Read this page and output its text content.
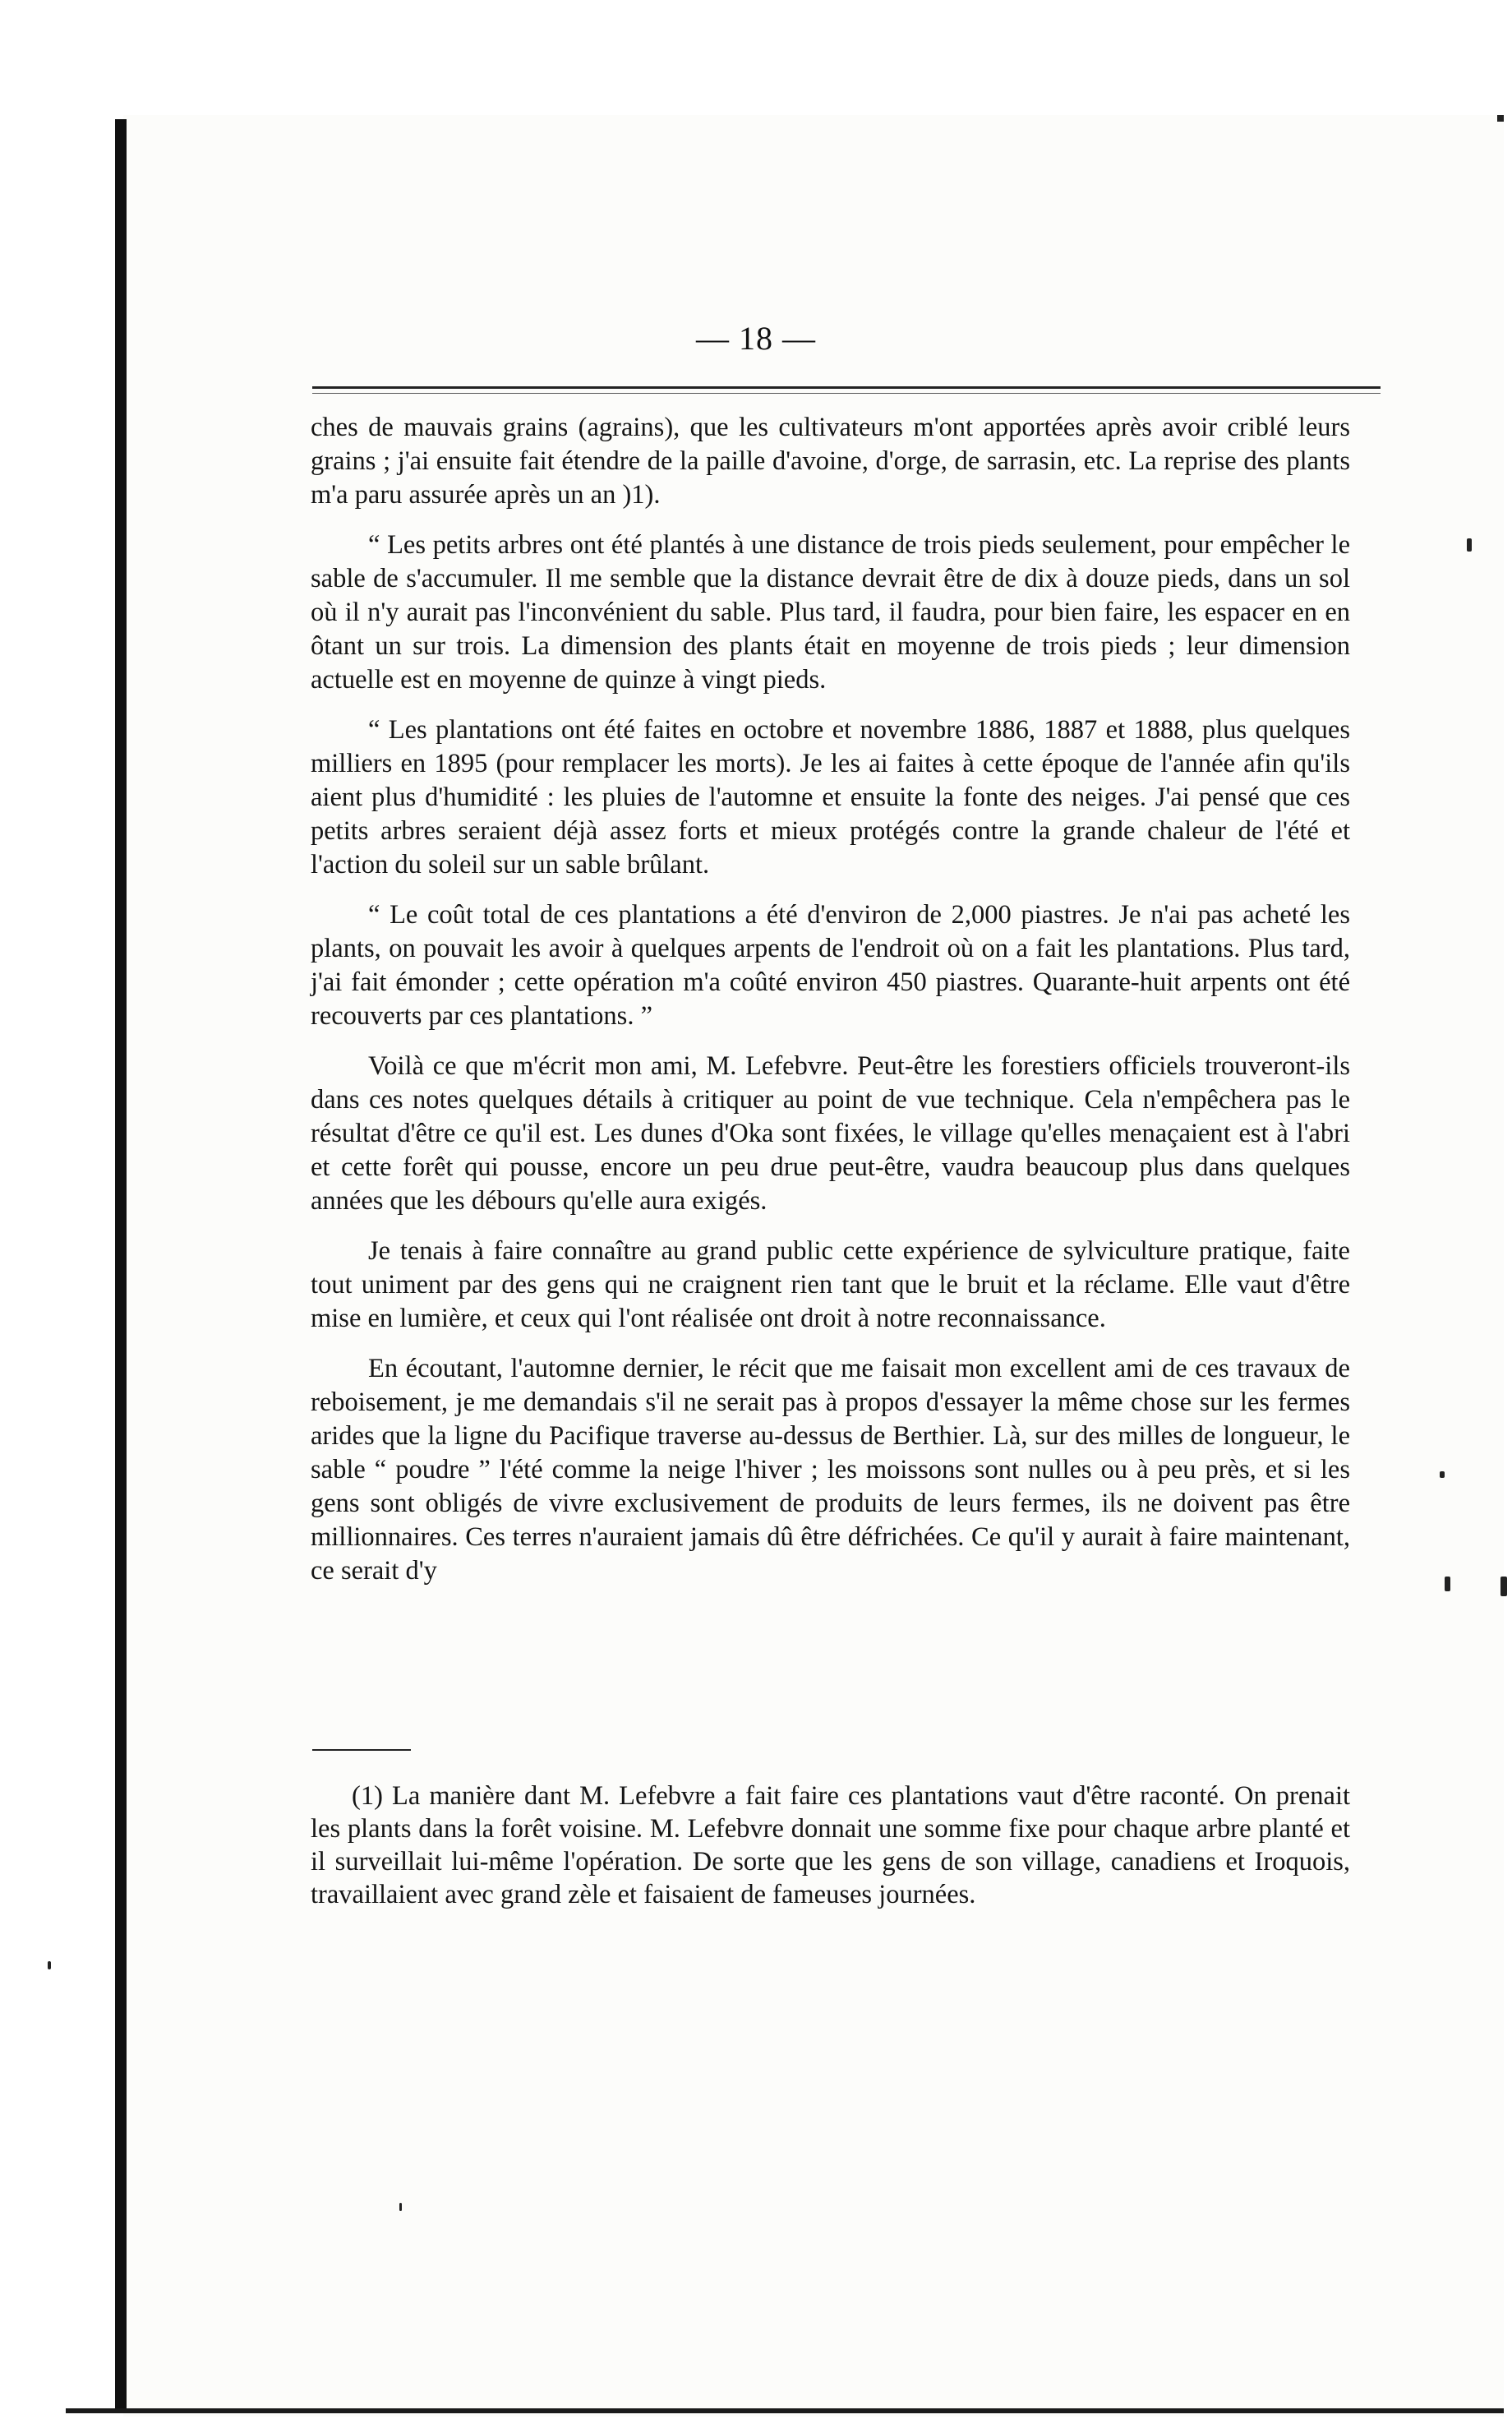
— 18 —

ches de mauvais grains (agrains), que les cultivateurs m'ont apportées après avoir criblé leurs grains ; j'ai ensuite fait étendre de la paille d'avoine, d'orge, de sarrasin, etc. La reprise des plants m'a paru assurée après un an )1).

“ Les petits arbres ont été plantés à une distance de trois pieds seulement, pour empêcher le sable de s'accumuler. Il me semble que la distance devrait être de dix à douze pieds, dans un sol où il n'y aurait pas l'inconvénient du sable. Plus tard, il faudra, pour bien faire, les espacer en en ôtant un sur trois. La dimension des plants était en moyenne de trois pieds ; leur dimension actuelle est en moyenne de quinze à vingt pieds.

“ Les plantations ont été faites en octobre et novembre 1886, 1887 et 1888, plus quelques milliers en 1895 (pour remplacer les morts). Je les ai faites à cette époque de l'année afin qu'ils aient plus d'humidité : les pluies de l'automne et ensuite la fonte des neiges. J'ai pensé que ces petits arbres seraient déjà assez forts et mieux protégés contre la grande chaleur de l'été et l'action du soleil sur un sable brûlant.

“ Le coût total de ces plantations a été d'environ de 2,000 piastres. Je n'ai pas acheté les plants, on pouvait les avoir à quelques arpents de l'endroit où on a fait les plantations. Plus tard, j'ai fait émonder ; cette opération m'a coûté environ 450 piastres. Quarante-huit arpents ont été recouverts par ces plantations. ”

Voilà ce que m'écrit mon ami, M. Lefebvre. Peut-être les forestiers officiels trouveront-ils dans ces notes quelques détails à critiquer au point de vue technique. Cela n'empêchera pas le résultat d'être ce qu'il est. Les dunes d'Oka sont fixées, le village qu'elles menaçaient est à l'abri et cette forêt qui pousse, encore un peu drue peut-être, vaudra beaucoup plus dans quelques années que les débours qu'elle aura exigés.

Je tenais à faire connaître au grand public cette expérience de sylviculture pratique, faite tout uniment par des gens qui ne craignent rien tant que le bruit et la réclame. Elle vaut d'être mise en lumière, et ceux qui l'ont réalisée ont droit à notre reconnaissance.

En écoutant, l'automne dernier, le récit que me faisait mon excellent ami de ces travaux de reboisement, je me demandais s'il ne serait pas à propos d'essayer la même chose sur les fermes arides que la ligne du Pacifique traverse au-dessus de Berthier. Là, sur des milles de longueur, le sable “ poudre ” l'été comme la neige l'hiver ; les moissons sont nulles ou à peu près, et si les gens sont obligés de vivre exclusivement de produits de leurs fermes, ils ne doivent pas être millionnaires. Ces terres n'auraient jamais dû être défrichées. Ce qu'il y aurait à faire maintenant, ce serait d'y

(1) La manière dant M. Lefebvre a fait faire ces plantations vaut d'être raconté. On prenait les plants dans la forêt voisine. M. Lefebvre donnait une somme fixe pour chaque arbre planté et il surveillait lui-même l'opération. De sorte que les gens de son village, canadiens et Iroquois, travaillaient avec grand zèle et faisaient de fameuses journées.
